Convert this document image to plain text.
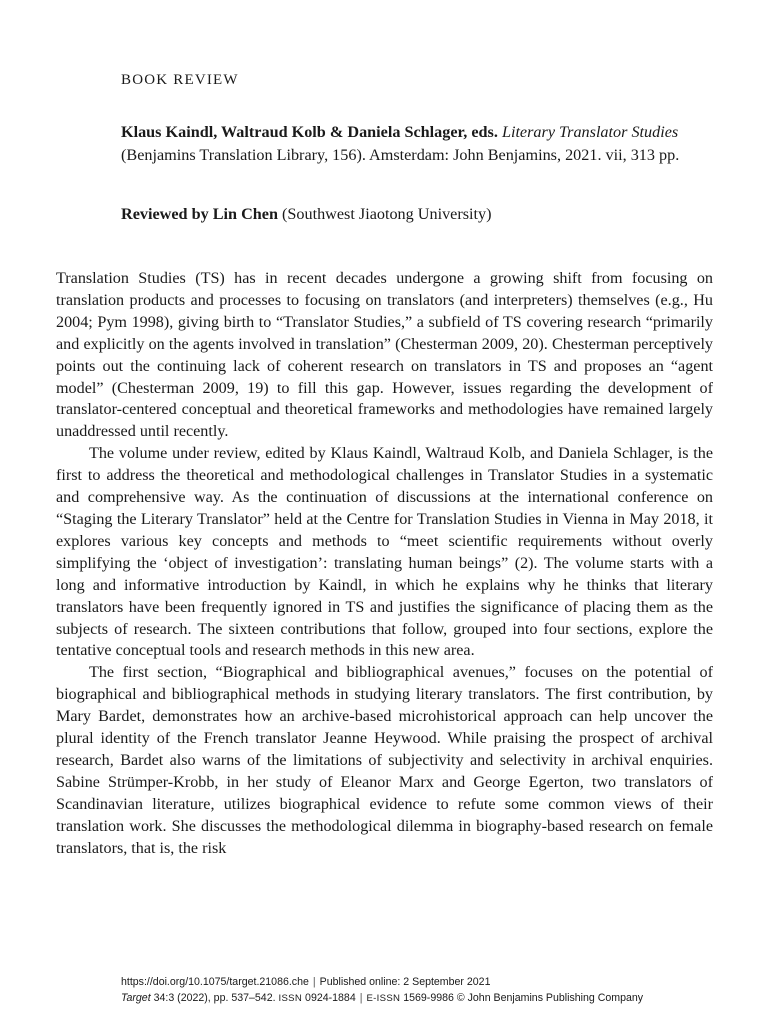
BOOK REVIEW
Klaus Kaindl, Waltraud Kolb & Daniela Schlager, eds. Literary Translator Studies (Benjamins Translation Library, 156). Amsterdam: John Benjamins, 2021. vii, 313 pp.
Reviewed by Lin Chen (Southwest Jiaotong University)

Translation Studies (TS) has in recent decades undergone a growing shift from focusing on translation products and processes to focusing on translators (and interpreters) themselves (e.g., Hu 2004; Pym 1998), giving birth to “Translator Studies,” a subfield of TS covering research “primarily and explicitly on the agents involved in translation” (Chesterman 2009, 20). Chesterman perceptively points out the continuing lack of coherent research on translators in TS and proposes an “agent model” (Chesterman 2009, 19) to fill this gap. However, issues regarding the development of translator-centered conceptual and theoretical frameworks and methodologies have remained largely unaddressed until recently.

The volume under review, edited by Klaus Kaindl, Waltraud Kolb, and Daniela Schlager, is the first to address the theoretical and methodological challenges in Translator Studies in a systematic and comprehensive way. As the continuation of discussions at the international conference on “Staging the Literary Translator” held at the Centre for Translation Studies in Vienna in May 2018, it explores various key concepts and methods to “meet scientific requirements without overly simplifying the ‘object of investigation’: translating human beings” (2). The volume starts with a long and informative introduction by Kaindl, in which he explains why he thinks that literary translators have been frequently ignored in TS and justifies the significance of placing them as the subjects of research. The sixteen contributions that follow, grouped into four sections, explore the tentative conceptual tools and research methods in this new area.

The first section, “Biographical and bibliographical avenues,” focuses on the potential of biographical and bibliographical methods in studying literary translators. The first contribution, by Mary Bardet, demonstrates how an archive-based microhistorical approach can help uncover the plural identity of the French translator Jeanne Heywood. While praising the prospect of archival research, Bardet also warns of the limitations of subjectivity and selectivity in archival enquiries. Sabine Strümper-Krobb, in her study of Eleanor Marx and George Egerton, two translators of Scandinavian literature, utilizes biographical evidence to refute some common views of their translation work. She discusses the methodological dilemma in biography-based research on female translators, that is, the risk

https://doi.org/10.1075/target.21086.che | Published online: 2 September 2021
Target 34:3 (2022), pp. 537–542. ISSN 0924-1884 | E-ISSN 1569-9986 © John Benjamins Publishing Company
